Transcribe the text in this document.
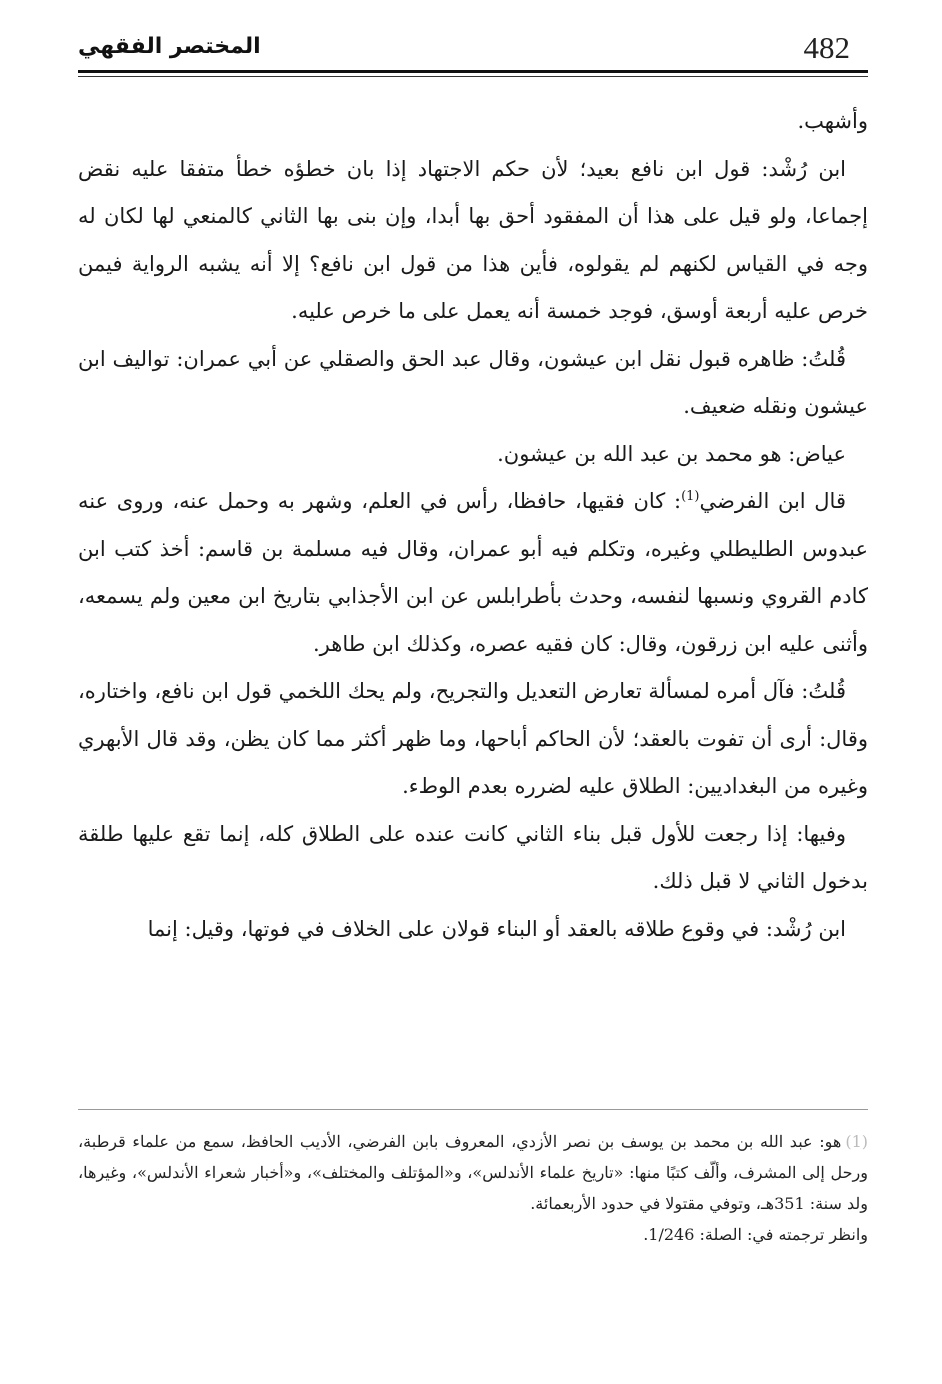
المختصر الفقهي	482

وأشهب.

ابن رُشْد: قول ابن نافع بعيد؛ لأن حكم الاجتهاد إذا بان خطؤه خطأ متفقا عليه نقض إجماعا، ولو قيل على هذا أن المفقود أحق بها أبدا، وإن بنى بها الثاني كالمنعي لها لكان له وجه في القياس لكنهم لم يقولوه، فأين هذا من قول ابن نافع؟ إلا أنه يشبه الرواية فيمن خرص عليه أربعة أوسق، فوجد خمسة أنه يعمل على ما خرص عليه.

قُلتُ: ظاهره قبول نقل ابن عيشون، وقال عبد الحق والصقلي عن أبي عمران: تواليف ابن عيشون ونقله ضعيف.

عياض: هو محمد بن عبد الله بن عيشون.

قال ابن الفرضي$^{(1)}$: كان فقيها، حافظا، رأس في العلم، وشهر به وحمل عنه، وروى عنه عبدوس الطليطلي وغيره، وتكلم فيه أبو عمران، وقال فيه مسلمة بن قاسم: أخذ كتب ابن كادم القروي ونسبها لنفسه، وحدث بأطرابلس عن ابن الأجذابي بتاريخ ابن معين ولم يسمعه، وأثنى عليه ابن زرقون، وقال: كان فقيه عصره، وكذلك ابن طاهر.

قُلتُ: فآل أمره لمسألة تعارض التعديل والتجريح، ولم يحك اللخمي قول ابن نافع، واختاره، وقال: أرى أن تفوت بالعقد؛ لأن الحاكم أباحها، وما ظهر أكثر مما كان يظن، وقد قال الأبهري وغيره من البغداديين: الطلاق عليه لضرره بعدم الوطء.

وفيها: إذا رجعت للأول قبل بناء الثاني كانت عنده على الطلاق كله، إنما تقع عليها طلقة بدخول الثاني لا قبل ذلك.

ابن رُشْد: في وقوع طلاقه بالعقد أو البناء قولان على الخلاف في فوتها، وقيل: إنما

(1)هو: عبد الله بن محمد بن يوسف بن نصر الأزدي، المعروف بابن الفرضي، الأديب الحافظ، سمع من علماء قرطبة، ورحل إلى المشرف، وألّف كتبًا منها: «تاريخ علماء الأندلس»، و«المؤتلف والمختلف»، و«أخبار شعراء الأندلس»، وغيرها، ولد سنة: 351هـ، وتوفي مقتولا في حدود الأربعمائة.

وانظر ترجمته في: الصلة: 1/246.
